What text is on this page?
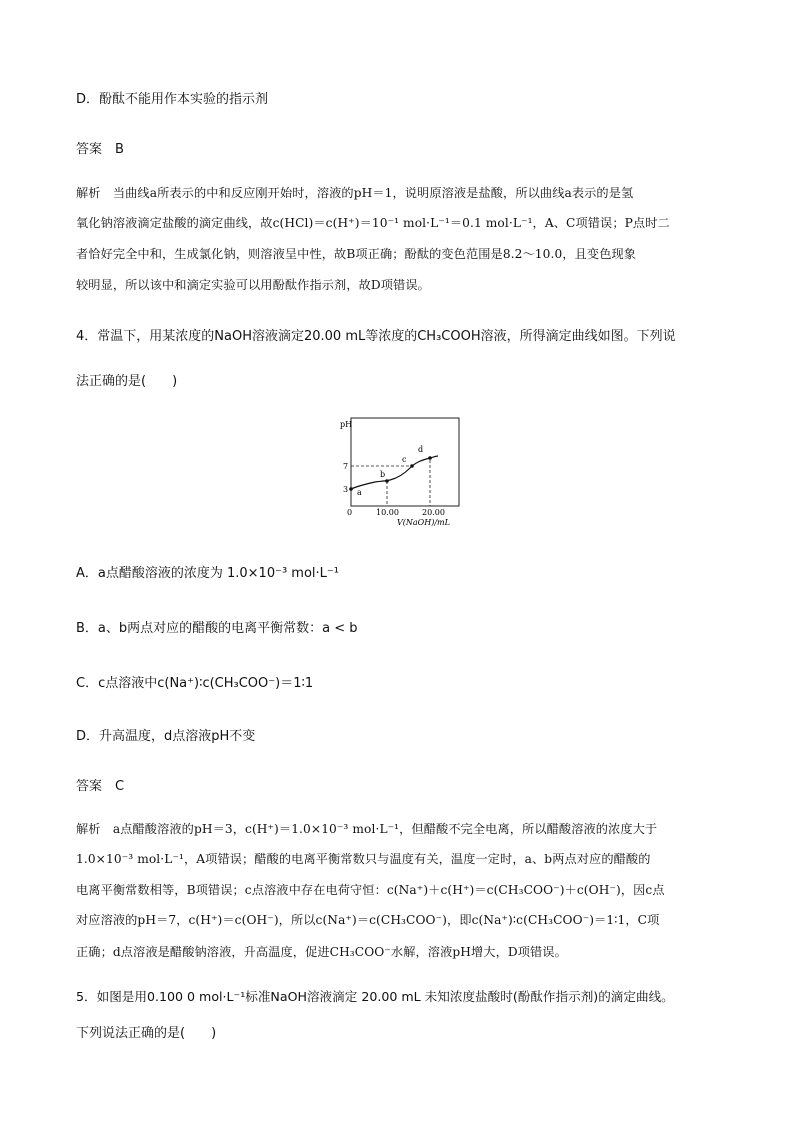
D．酚酞不能用作本实验的指示剂
答案　B
解析　当曲线a所表示的中和反应刚开始时，溶液的pH＝1，说明原溶液是盐酸，所以曲线a表示的是氢
氧化钠溶液滴定盐酸的滴定曲线，故c(HCl)＝c(H⁺)＝10⁻¹ mol·L⁻¹＝0.1 mol·L⁻¹，A、C项错误；P点时二
者恰好完全中和，生成氯化钠，则溶液呈中性，故B项正确；酚酞的变色范围是8.2～10.0，且变色现象
较明显，所以该中和滴定实验可以用酚酞作指示剂，故D项错误。
4．常温下，用某浓度的NaOH溶液滴定20.00 mL等浓度的CH₃COOH溶液，所得滴定曲线如图。下列说
法正确的是(　　)
pH
7
3
0	10.00	20.00
V(NaOH)/mL
a
b
c
d
A．a点醋酸溶液的浓度为 1.0×10⁻³ mol·L⁻¹
B．a、b两点对应的醋酸的电离平衡常数：a < b
C．c点溶液中c(Na⁺)∶c(CH₃COO⁻)＝1∶1
D．升高温度，d点溶液pH不变
答案　C
解析　a点醋酸溶液的pH＝3，c(H⁺)＝1.0×10⁻³ mol·L⁻¹，但醋酸不完全电离，所以醋酸溶液的浓度大于
1.0×10⁻³ mol·L⁻¹，A项错误；醋酸的电离平衡常数只与温度有关，温度一定时，a、b两点对应的醋酸的
电离平衡常数相等，B项错误；c点溶液中存在电荷守恒：c(Na⁺)＋c(H⁺)＝c(CH₃COO⁻)＋c(OH⁻)，因c点
对应溶液的pH＝7，c(H⁺)＝c(OH⁻)，所以c(Na⁺)＝c(CH₃COO⁻)，即c(Na⁺)∶c(CH₃COO⁻)＝1∶1，C项
正确；d点溶液是醋酸钠溶液，升高温度，促进CH₃COO⁻水解，溶液pH增大，D项错误。
5．如图是用0.100 0 mol·L⁻¹标准NaOH溶液滴定 20.00 mL 未知浓度盐酸时(酚酞作指示剂)的滴定曲线。
下列说法正确的是(　　)
